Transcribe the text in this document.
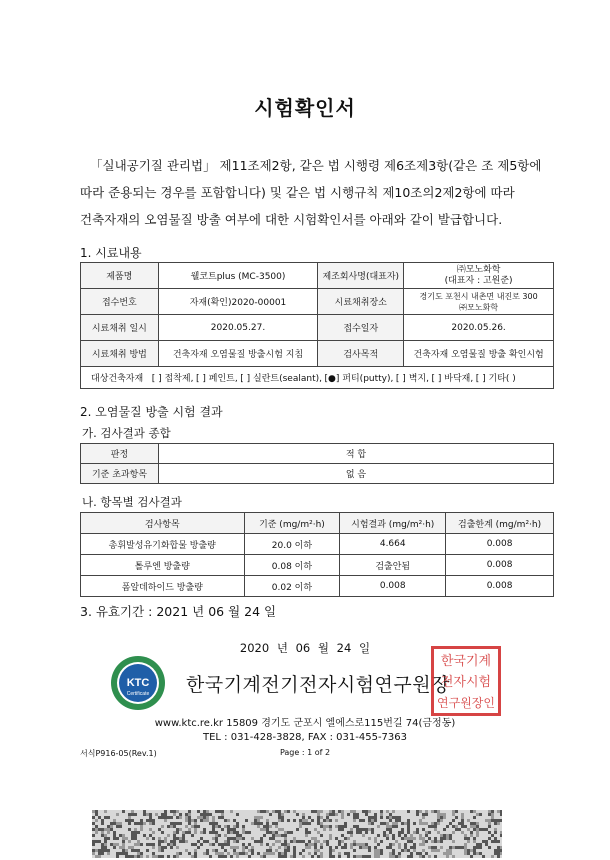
시험확인서

「실내공기질 관리법」 제11조제2항, 같은 법 시행령 제6조제3항(같은 조 제5항에

따라 준용되는 경우를 포함합니다) 및 같은 법 시행규칙 제10조의2제2항에 따라
건축자재의 오염물질 방출 여부에 대한 시험확인서를 아래와 같이 발급합니다.
1. 시료내용
제품명	웰코트plus (MC-3500)	제조회사명(대표자)	㈜모노화학
(대표자 : 고원준)

접수번호	자재(확인)2020-00001	시료채취장소	경기도 포천시 내촌면 내진로 300
㈜모노화학

시료채취 일시	2020.05.27.	접수일자	2020.05.26.
시료채취 방법	건축자재 오염물질 방출시험 지침	검사목적	건축자재 오염물질 방출 확인시험
대상건축자재 [ ] 접착제, [ ] 페인트, [ ] 실란트(sealant), [●] 퍼티(putty), [ ] 벽지, [ ] 바닥재, [ ] 기타( )			
2. 오염물질 방출 시험 결과
가. 검사결과 종합
판정	적 합
기준 초과항목	없 음
나. 항목별 검사결과
검사항목	기준 (mg/m²·h)	시험결과 (mg/m²·h)	검출한계 (mg/m²·h)
총휘발성유기화합물 방출량	20.0 이하	4.664	0.008
톨루엔 방출량	0.08 이하	검출안됨	0.008
폼알데하이드 방출량	0.02 이하	0.008	0.008
3. 유효기간 : 2021 년 06 월 24 일
2020 년 06 월 24 일
KTC
Certificate 한국기계전기전자시험연구원장
한국기계
전자시험
연구원장인
www.ktc.re.kr 15809 경기도 군포시 엘에스로115번길 74(금정동)
TEL : 031-428-3828, FAX : 031-455-7363
서식P916-05(Rev.1)	Page : 1 of 2
